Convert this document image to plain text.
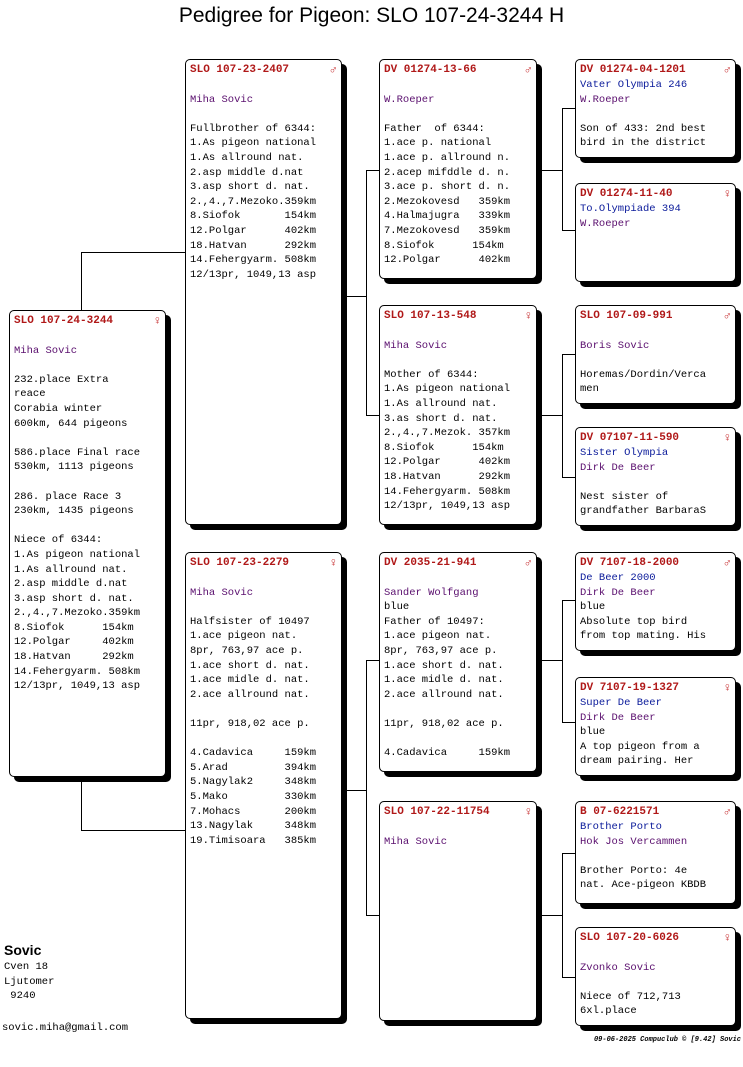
Pedigree for Pigeon: SLO 107-24-3244 H
SLO 107-24-3244	♀
Miha Sovic
232.place Extra
reace
Corabia winter
600km, 644 pigeons
586.place Final race
530km, 1113 pigeons
286. place Race 3
230km, 1435 pigeons
Niece of 6344:
1.As pigeon national
1.As allround nat.
2.asp middle d.nat
3.asp short d. nat.
2.,4.,7.Mezoko.359km
8.Siofok      154km
12.Polgar     402km
18.Hatvan     292km
14.Fehergyarm. 508km
12/13pr, 1049,13 asp
SLO 107-23-2407	♂
Miha Sovic
Fullbrother of 6344:
1.As pigeon national
1.As allround nat.
2.asp middle d.nat
3.asp short d. nat.
2.,4.,7.Mezoko.359km
8.Siofok       154km
12.Polgar      402km
18.Hatvan      292km
14.Fehergyarm. 508km
12/13pr, 1049,13 asp
SLO 107-23-2279	♀
Miha Sovic
Halfsister of 10497
1.ace pigeon nat.
8pr, 763,97 ace p.
1.ace short d. nat.
1.ace midle d. nat.
2.ace allround nat.
11pr, 918,02 ace p.
4.Cadavica     159km
5.Arad         394km
5.Nagylak2     348km
5.Mako         330km
7.Mohacs       200km
13.Nagylak     348km
19.Timisoara   385km
DV 01274-13-66	♂
W.Roeper
Father  of 6344:
1.ace p. national
1.ace p. allround n.
2.acep mifddle d. n.
3.ace p. short d. n.
2.Mezokovesd   359km
4.Halmajugra   339km
7.Mezokovesd   359km
8.Siofok      154km
12.Polgar      402km
SLO 107-13-548	♀
Miha Sovic
Mother of 6344:
1.As pigeon national
1.As allround nat.
3.as short d. nat.
2.,4.,7.Mezok. 357km
8.Siofok      154km
12.Polgar      402km
18.Hatvan      292km
14.Fehergyarm. 508km
12/13pr, 1049,13 asp
DV 2035-21-941	♂
Sander Wolfgang
blue
Father of 10497:
1.ace pigeon nat.
8pr, 763,97 ace p.
1.ace short d. nat.
1.ace midle d. nat.
2.ace allround nat.
11pr, 918,02 ace p.
4.Cadavica     159km
SLO 107-22-11754	♀
Miha Sovic
DV 01274-04-1201	♂
Vater Olympia 246
W.Roeper
Son of 433: 2nd best
bird in the district
DV 01274-11-40	♀
To.Olympiade 394
W.Roeper
SLO 107-09-991	♂
Boris Sovic
Horemas/Dordin/Verca
men
DV 07107-11-590	♀
Sister Olympia
Dirk De Beer
Nest sister of
grandfather BarbaraS
DV 7107-18-2000	♂
De Beer 2000
Dirk De Beer
blue
Absolute top bird
from top mating. His
DV 7107-19-1327	♀
Super De Beer
Dirk De Beer
blue
A top pigeon from a
dream pairing. Her
B 07-6221571	♂
Brother Porto
Hok Jos Vercammen
Brother Porto: 4e
nat. Ace-pigeon KBDB
SLO 107-20-6026	♀
Zvonko Sovic
Niece of 712,713
6xl.place
Sovic
Cven 18
Ljutomer
9240
sovic.miha@gmail.com
09-06-2025 Compuclub © [9.42] Sovic
